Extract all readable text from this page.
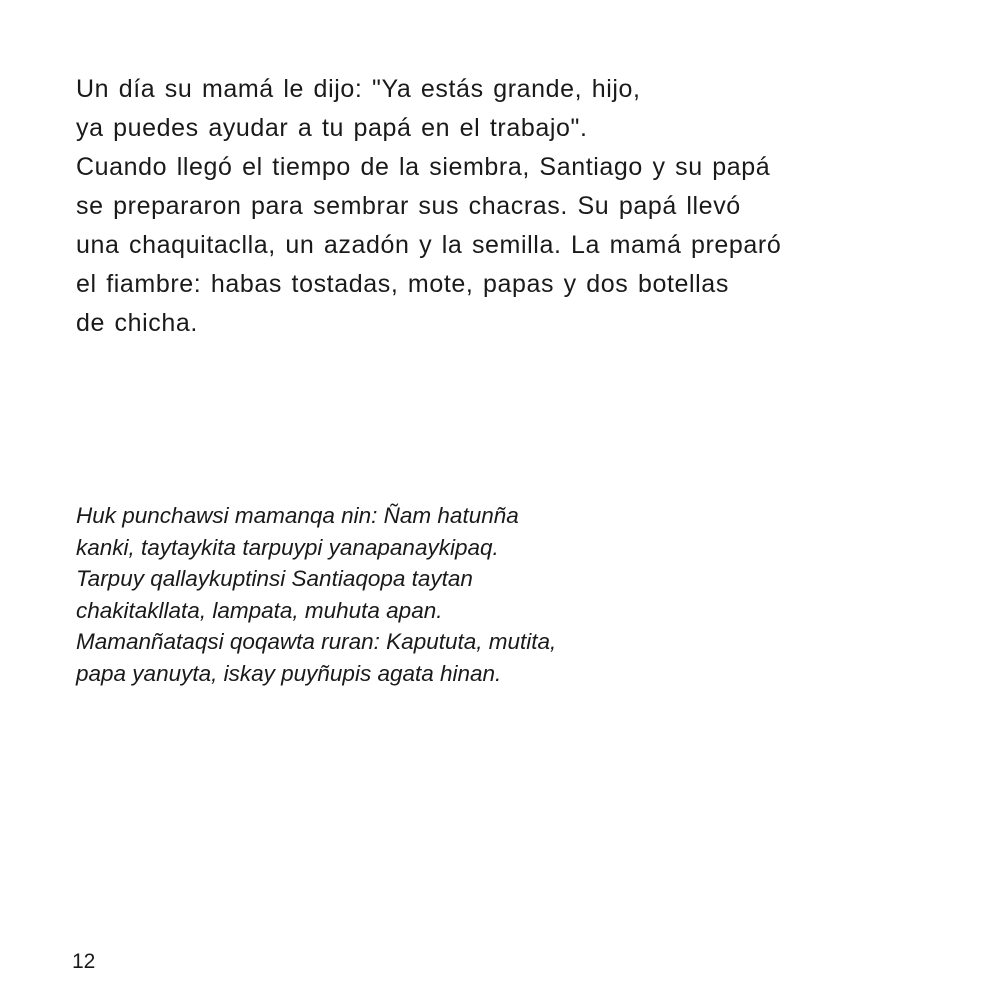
Un día su mamá le dijo: "Ya estás grande, hijo,
ya puedes ayudar a tu papá en el trabajo".
Cuando llegó el tiempo de la siembra, Santiago y su papá
se prepararon para sembrar sus chacras. Su papá llevó
una chaquitaclla, un azadón y la semilla. La mamá preparó
el fiambre: habas tostadas, mote, papas y dos botellas
de chicha.
Huk punchawsi mamanqa nin: Ñam hatunña
kanki, taytaykita tarpuypi yanapanaykipaq.
Tarpuy qallaykuptinsi Santiaqopa taytan
chakitakllata, lampata, muhuta apan.
Mamanñataqsi qoqawta ruran: Kapututa, mutita,
papa yanuyta, iskay puyñupis agata hinan.
12
